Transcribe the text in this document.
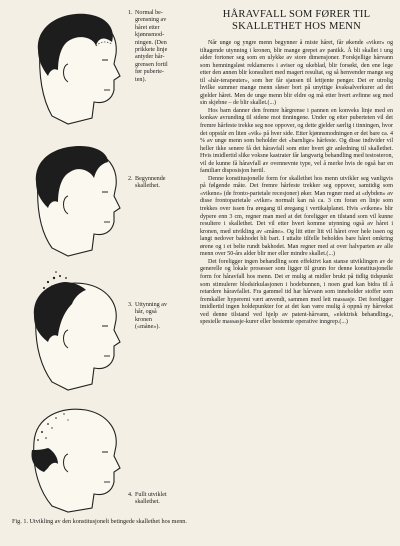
1. Normal be-
grensning av
håret etter
kjønnsmod-
ningen. (Den
prikkete linje
antyder hår-
grensen fortil
før puberte-
ten).
2. Begynnende
skallethet.
3. Uttynning av
hår, også
kronen
(«måne»).
4. Fullt utviklet
skallethet.
Fig. 1. Utvikling av den konstitusjonelt betingede skallethet hos menn.
HÅRAVFALL SOM FØRER TIL
SKALLETHET HOS MENN

Når unge og yngre menn begynner å miste håret, får økende «viker» og tiltagende utynning i kronen, blir mange grepet av panikk. Å bli skallet i ung alder fortoner seg som en ulykke av store dimensjoner. Forskjellige hårvann som hemningsløst reklameres i aviser og ukeblad, blir forsøkt, den ene lege etter den annen blir konsultert med magert resultat, og så henvender mange seg til «hår-terapeuter», som her får sjansen til lettjente penger. Det er utrolig hvilke summer mange menn sløser bort på unyttige kvaksalverkurer ad det gjelder håret. Men de unge menn blir eldre og må etter hvert avfinne seg med sin skjebne – de blir skallet.(...)

Hos barn danner den fremre hårgrense i pannen en konveks linje med en konkav avrunding til sidene mot tinningene. Under og etter puberteten vil det fremre hårfeste trekke seg noe oppover, og dette gjelder særlig i tinningen, hvor det oppstår en liten «vik» på hver side. Etter kjønnsmodningen er det bare ca. 4 % av unge menn som beholder det «barnlige» hårfeste. Og disse individer vil heller ikke senere få det håravfall som etter hvert gir anledning til skallethet. Hvis imidlertid slike voksne kastrater får langvarig behandling med testosteron, vil de kunne få håravfall av ovennevnte type, vel å merke hvis de også har en familiær disposisjon hertil.

Denne konstitusjonelle form for skallethet hos menn utvikler seg vanligvis på følgende måte. Det fremre hårfeste trekker seg oppover, samtidig som «vikene» (de fronto-parietale recesjoner) øker. Man regner med at «dybden» av disse frontoparietale «viker» normalt kan nå ca. 3 cm foran en linje som trekkes over issen fra øregang til øregang i vertikalplanet. Hvis «vikene» blir dypere enn 3 cm, regner man med at det foreligger en tilstand som vil kunne resultere i skallethet. Det vil etter hvert komme utynning også av håret i kronen, med utvikling av «måne». Og litt etter litt vil håret over hele issen og langt nedover bakhodet bli bart. I uttalte tilfelle beholdes bare håret omkring ørene og i et belte rundt bakhodet. Man regner med at over halvparten av alle menn over 50-års alder blir mer eller mindre skallet.(...)

Det foreligger ingen behandling som effektivt kan stanse utviklingen av de generelle og lokale prosesser som ligger til grunn for denne konstitusjonelle form for håravfall hos menn. Det er mulig at midler brukt på tidlig tidspunkt som stimulerer blodsirkulasjonen i hodebunnen, i noen grad kan bidra til å retardere håravfallet. Fra gammel tid har hårvann som inneholder stoffer som fremkaller hyperemi vært anvendt, sammen med lett massasje. Det foreligger imidlertid ingen holdepunkter for at det kan være mulig å oppnå ny hårvekst ved denne tilstand ved hjelp av patent-hårvann, «elektrisk behandling», spesielle massasje-kurer eller bestemte operative inngrep.(...)
